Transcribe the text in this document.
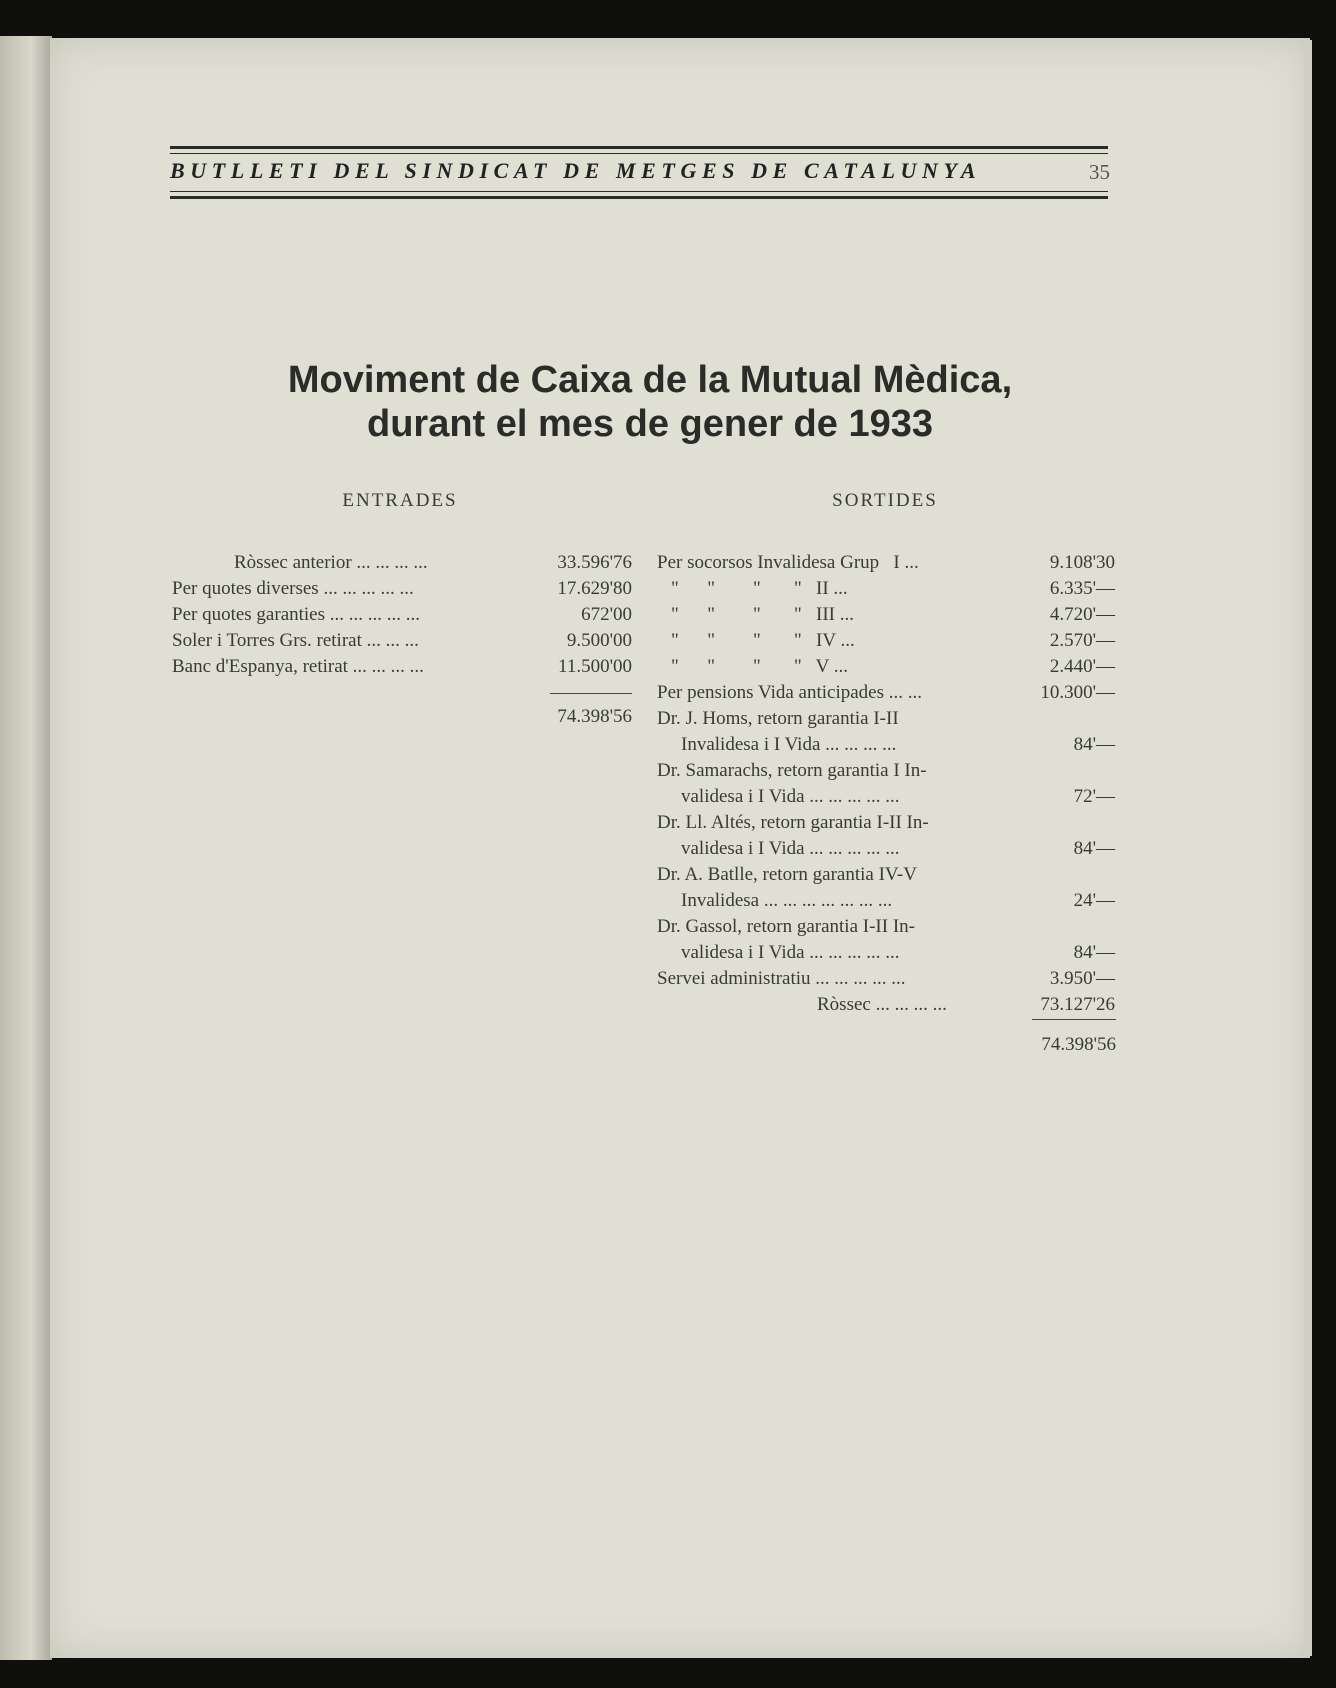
BUTLLETI DEL SINDICAT DE METGES DE CATALUNYA	35
Moviment de Caixa de la Mutual Mèdica,
durant el mes de gener de 1933
ENTRADES	SORTIDES
Ròssec anterior ... ... ... ...	33.596'76
Per quotes diverses ... ... ... ... ...	17.629'80
Per quotes garanties ... ... ... ... ...	672'00
Soler i Torres Grs. retirat ... ... ...	9.500'00
Banc d'Espanya, retirat ... ... ... ...	11.500'00
74.398'56
Per socorsos Invalidesa Grup   I ...	9.108'30
"      "        "       "   II ...	6.335'—
"      "        "       "   III ...	4.720'—
"      "        "       "   IV ...	2.570'—
"      "        "       "   V ...	2.440'—
Per pensions Vida anticipades ... ...	10.300'—
Dr. J. Homs, retorn garantia I-II
Invalidesa i I Vida ... ... ... ...	84'—
Dr. Samarachs, retorn garantia I In-
validesa i I Vida ... ... ... ... ...	72'—
Dr. Ll. Altés, retorn garantia I-II In-
validesa i I Vida ... ... ... ... ...	84'—
Dr. A. Batlle, retorn garantia IV-V
Invalidesa ... ... ... ... ... ... ...	24'—
Dr. Gassol, retorn garantia I-II In-
validesa i I Vida ... ... ... ... ...	84'—
Servei administratiu ... ... ... ... ...	3.950'—
Ròssec ... ... ... ...	73.127'26
74.398'56
